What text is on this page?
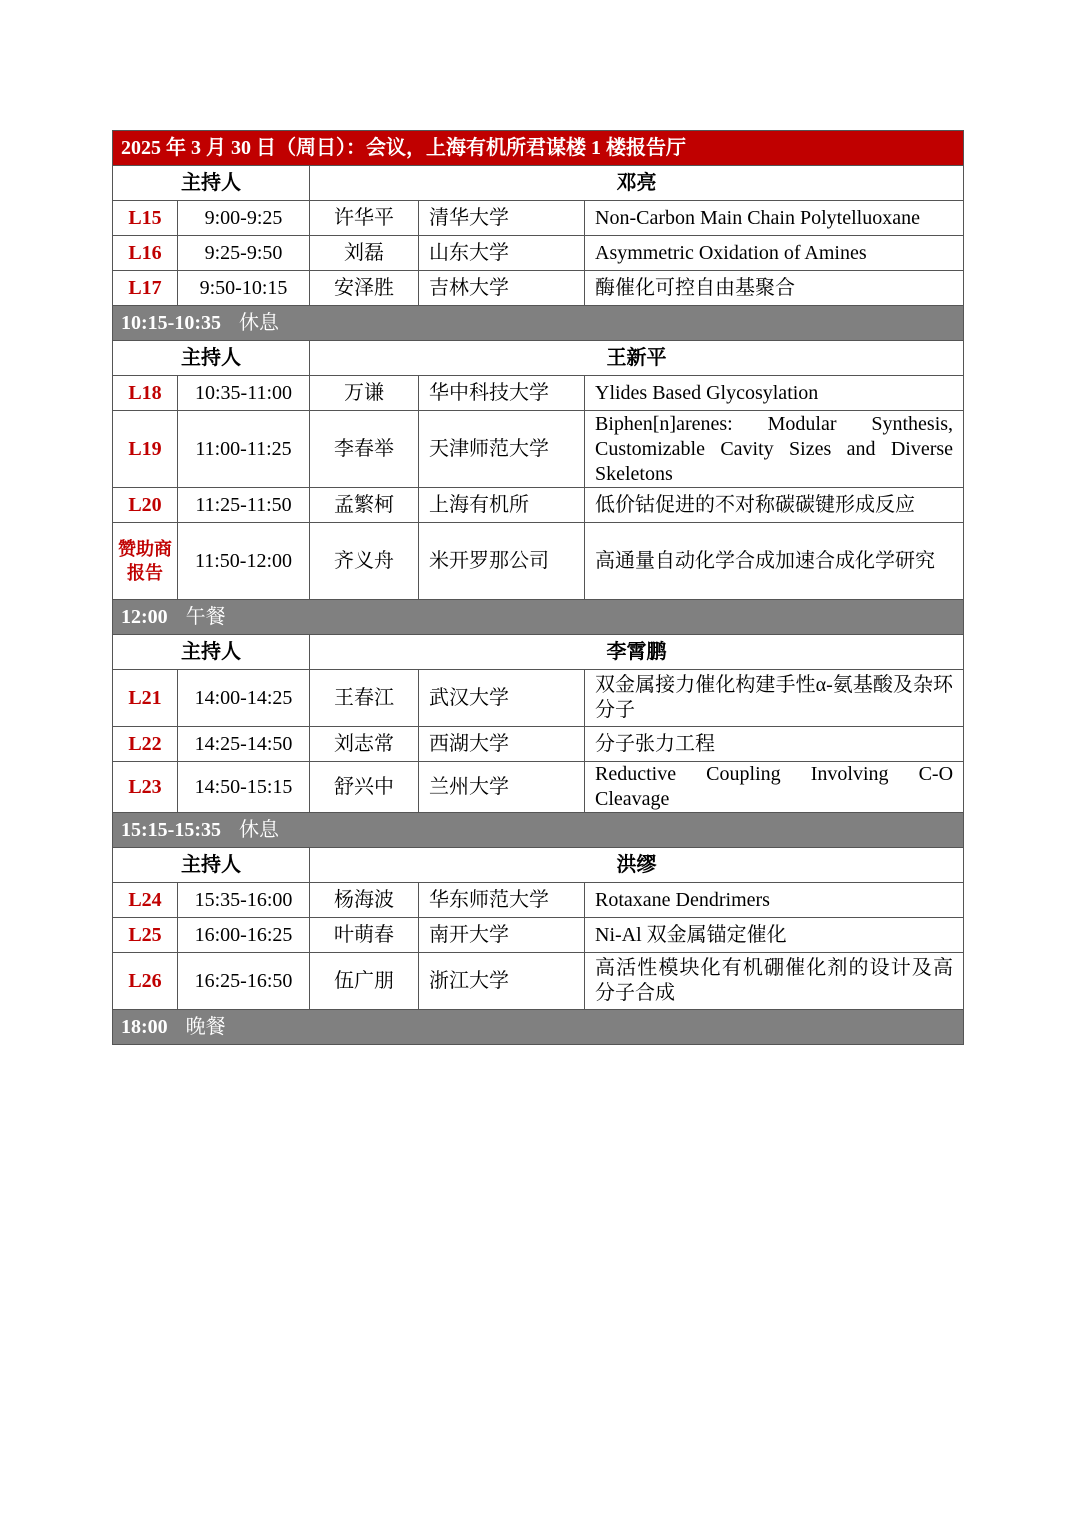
2025 年 3 月 30 日（周日）：会议，上海有机所君谋楼 1 楼报告厅				
主持人		邓亮		
L15	9:00-9:25	许华平	清华大学	Non-Carbon Main Chain Polytelluoxane
L16	9:25-9:50	刘磊	山东大学	Asymmetric Oxidation of Amines
L17	9:50-10:15	安泽胜	吉林大学	酶催化可控自由基聚合
10:15-10:35 休息				
主持人		王新平		
L18	10:35-11:00	万谦	华中科技大学	Ylides Based Glycosylation
L19	11:00-11:25	李春举	天津师范大学	Biphen[n]arenes: Modular Synthesis, Customizable Cavity Sizes and Diverse Skeletons
L20	11:25-11:50	孟繁柯	上海有机所	低价钴促进的不对称碳碳键形成反应
赞助商报告	11:50-12:00	齐义舟	米开罗那公司	高通量自动化学合成加速合成化学研究
12:00 午餐				
主持人		李霄鹏		
L21	14:00-14:25	王春江	武汉大学	双金属接力催化构建手性α-氨基酸及杂环分子
L22	14:25-14:50	刘志常	西湖大学	分子张力工程
L23	14:50-15:15	舒兴中	兰州大学	Reductive Coupling Involving C-O Cleavage
15:15-15:35 休息				
主持人		洪缪		
L24	15:35-16:00	杨海波	华东师范大学	Rotaxane Dendrimers
L25	16:00-16:25	叶萌春	南开大学	Ni-Al 双金属锚定催化
L26	16:25-16:50	伍广朋	浙江大学	高活性模块化有机硼催化剂的设计及高分子合成
18:00 晚餐				
